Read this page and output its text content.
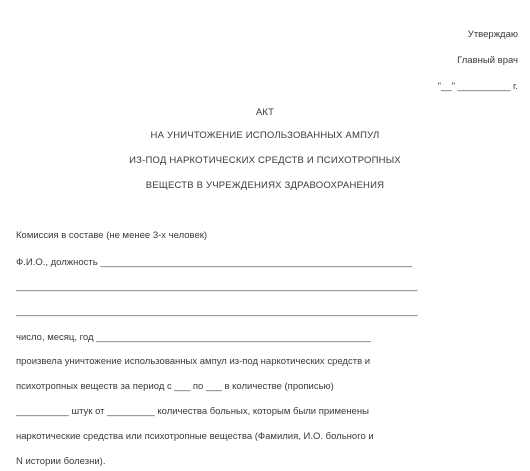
Утверждаю
Главный врач
"__" __________ г.
АКТ
НА УНИЧТОЖЕНИЕ ИСПОЛЬЗОВАННЫХ АМПУЛ
ИЗ-ПОД НАРКОТИЧЕСКИХ СРЕДСТВ И ПСИХОТРОПНЫХ
ВЕЩЕСТВ В УЧРЕЖДЕНИЯХ ЗДРАВООХРАНЕНИЯ
Комиссия в составе (не менее 3-х человек)
Ф.И.О., должность ___________________________________________________________
____________________________________________________________________________
____________________________________________________________________________
число, месяц, год ____________________________________________________
произвела уничтожение использованных ампул из-под наркотических средств и
психотропных веществ за период с ___ по ___ в количестве (прописью)
__________ штук от _________ количества больных, которым были применены
наркотические средства или психотропные вещества (Фамилия, И.О. больного и
N истории болезни).
